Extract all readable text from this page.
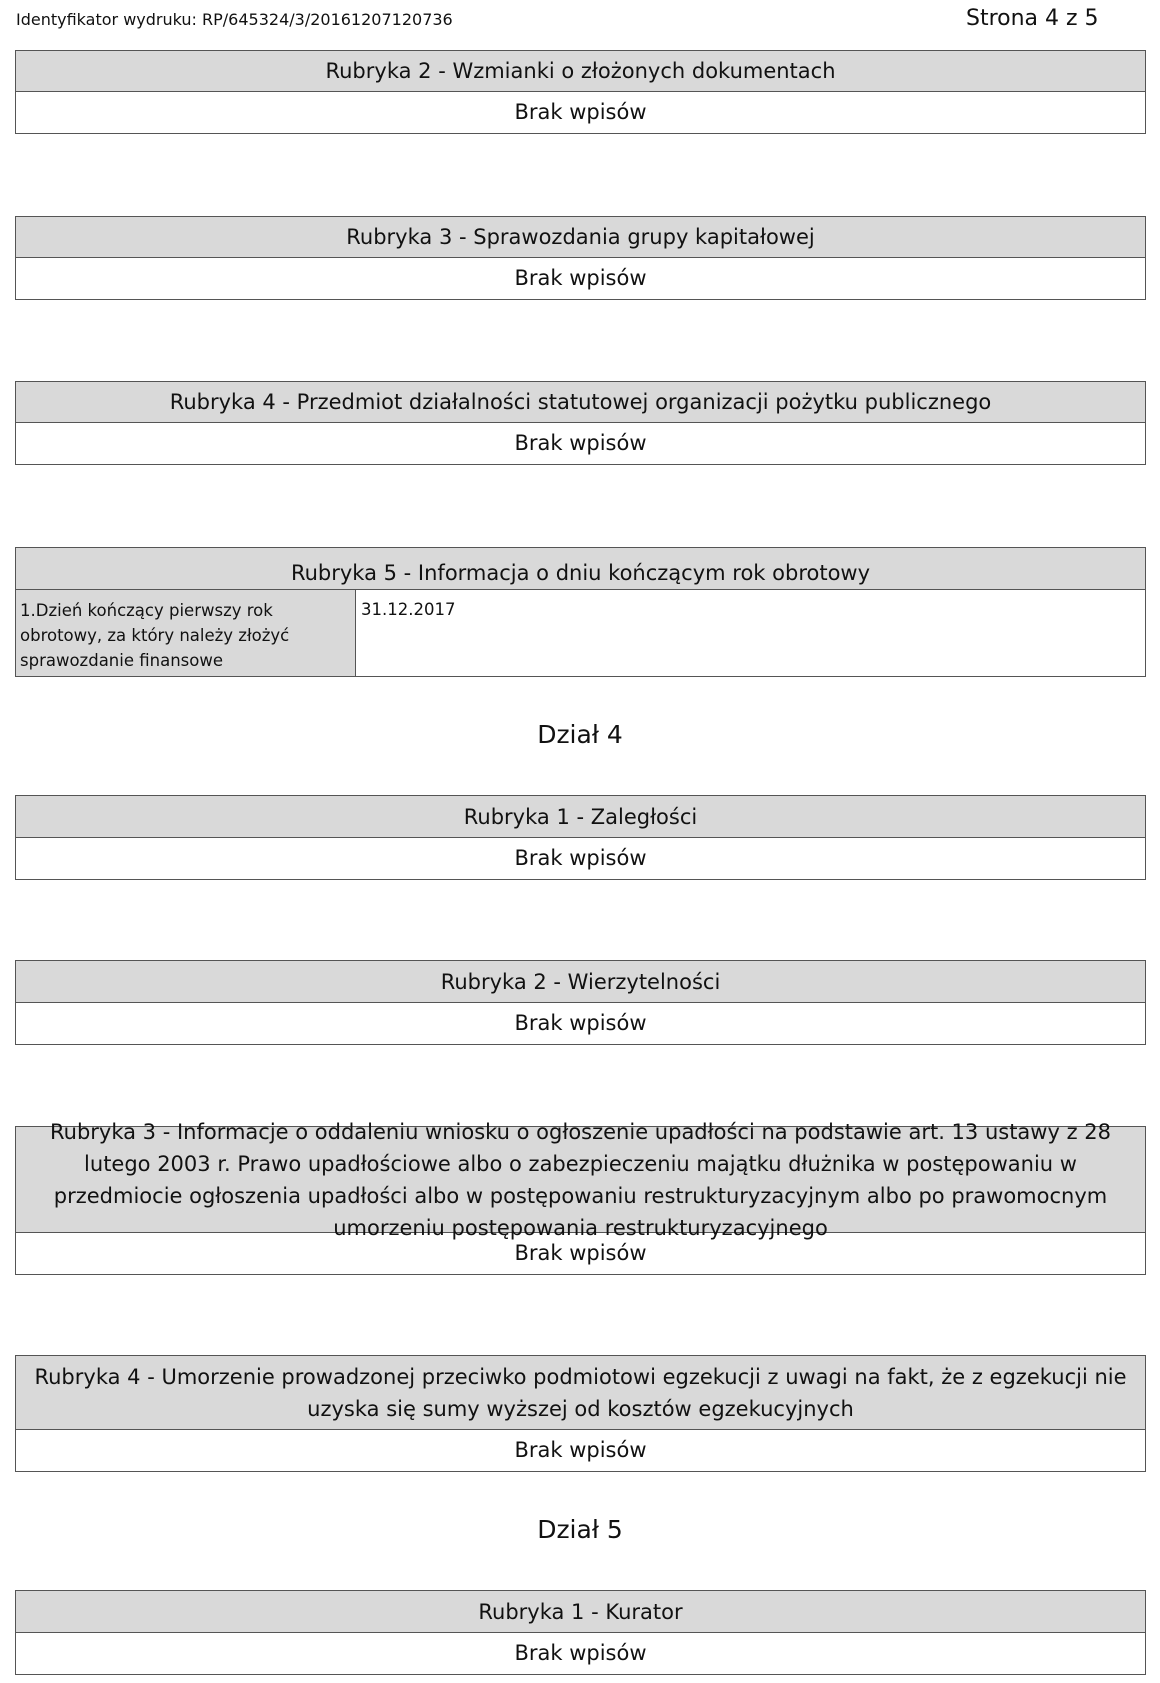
Identyfikator wydruku: RP/645324/3/20161207120736	Strona 4 z 5
Rubryka 2 - Wzmianki o złożonych dokumentach
Brak wpisów
Rubryka 3 - Sprawozdania grupy kapitałowej
Brak wpisów
Rubryka 4 - Przedmiot działalności statutowej organizacji pożytku publicznego
Brak wpisów
Rubryka 5 - Informacja o dniu kończącym rok obrotowy
1.Dzień kończący pierwszy rok obrotowy, za który należy złożyć sprawozdanie finansowe
31.12.2017
Dział 4
Rubryka 1 - Zaległości
Brak wpisów
Rubryka 2 - Wierzytelności
Brak wpisów
Rubryka 3 - Informacje o oddaleniu wniosku o ogłoszenie upadłości na podstawie art. 13 ustawy z 28 lutego 2003 r. Prawo upadłościowe albo o zabezpieczeniu majątku dłużnika w postępowaniu w przedmiocie ogłoszenia upadłości albo w postępowaniu restrukturyzacyjnym albo po prawomocnym umorzeniu postępowania restrukturyzacyjnego
Brak wpisów
Rubryka 4 - Umorzenie prowadzonej przeciwko podmiotowi egzekucji z uwagi na fakt, że z egzekucji nie uzyska się sumy wyższej od kosztów egzekucyjnych
Brak wpisów
Dział 5
Rubryka 1 - Kurator
Brak wpisów
